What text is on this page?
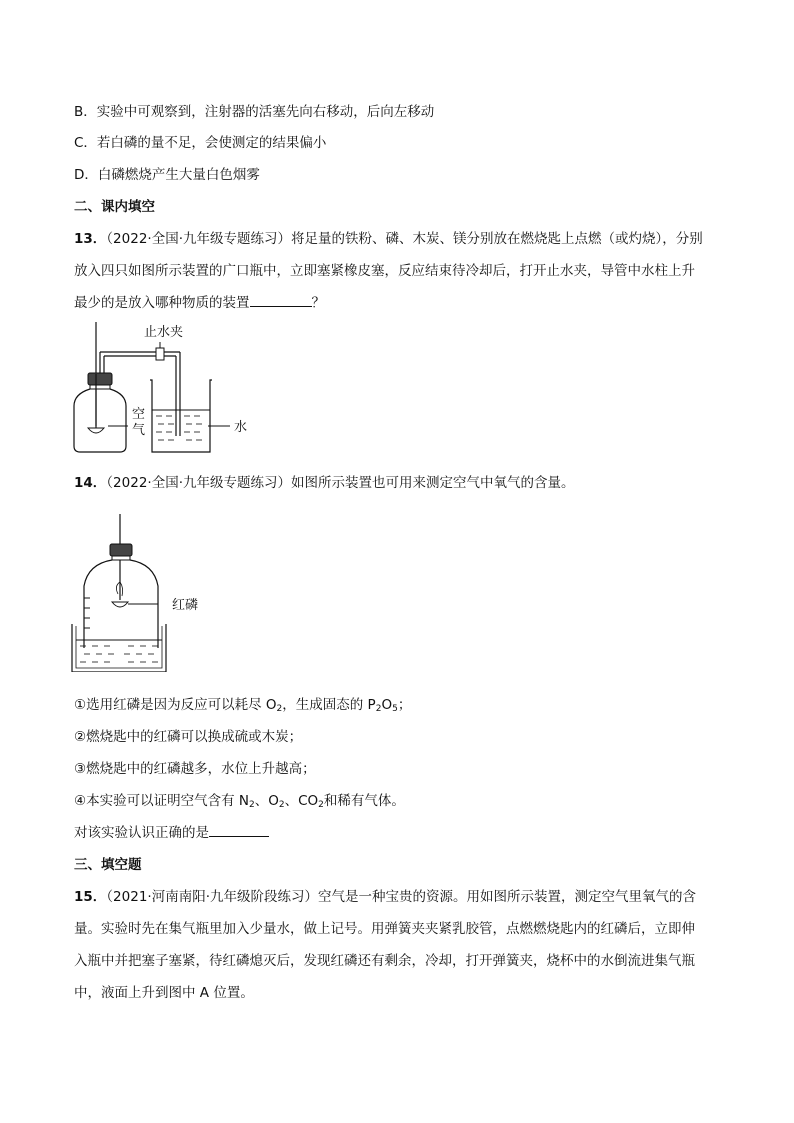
B．实验中可观察到，注射器的活塞先向右移动，后向左移动
C．若白磷的量不足，会使测定的结果偏小
D．白磷燃烧产生大量白色烟雾
二、课内填空
13．（2022·全国·九年级专题练习）将足量的铁粉、磷、木炭、镁分别放在燃烧匙上点燃（或灼烧），分别
放入四只如图所示装置的广口瓶中，立即塞紧橡皮塞，反应结束待冷却后，打开止水夹，导管中水柱上升
最少的是放入哪种物质的装置	？
止水夹
空
气	水
14．（2022·全国·九年级专题练习）如图所示装置也可用来测定空气中氧气的含量。
红磷
①选用红磷是因为反应可以耗尽 $O_2$，生成固态的 $P_2O_5$；
②燃烧匙中的红磷可以换成硫或木炭；
③燃烧匙中的红磷越多，水位上升越高；
④本实验可以证明空气含有 $N_2$、$O_2$、$CO_2$和稀有气体。
对该实验认识正确的是
三、填空题
15．（2021·河南南阳·九年级阶段练习）空气是一种宝贵的资源。用如图所示装置，测定空气里氧气的含
量。实验时先在集气瓶里加入少量水，做上记号。用弹簧夹夹紧乳胶管，点燃燃烧匙内的红磷后，立即伸
入瓶中并把塞子塞紧，待红磷熄灭后，发现红磷还有剩余，冷却，打开弹簧夹，烧杯中的水倒流进集气瓶
中，液面上升到图中 A 位置。
